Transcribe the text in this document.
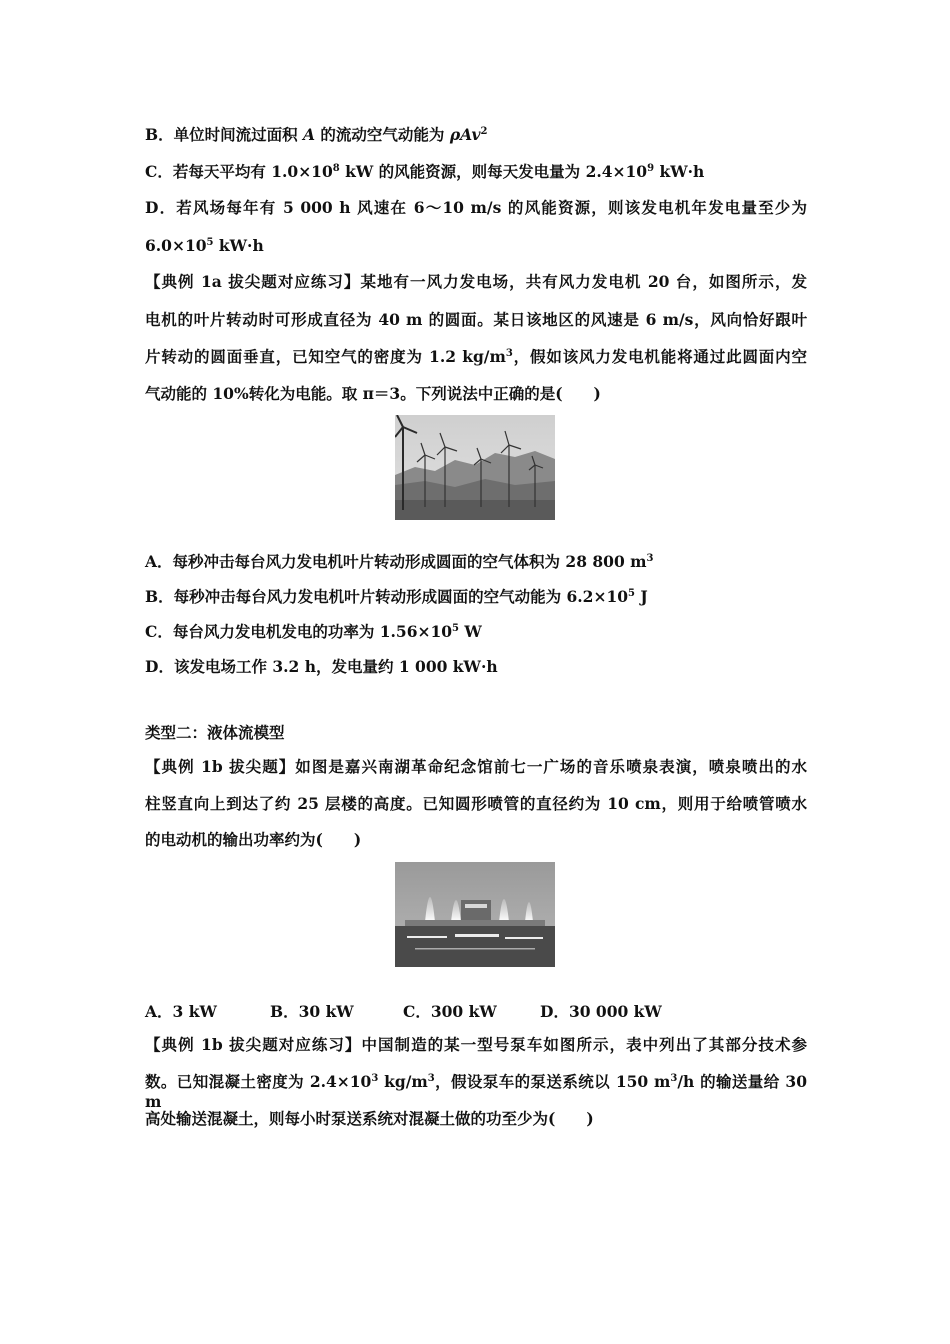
B．单位时间流过面积 A 的流动空气动能为 ρAv$^2$
C．若每天平均有 $1.0\times 10^8$ kW 的风能资源，则每天发电量为 $2.4\times 10^9$ kW·h
D．若风场每年有 5 000 h 风速在 6～10 m/s 的风能资源，则该发电机年发电量至少为
$6.0\times 10^5$ kW·h
【典例 1a 拔尖题对应练习】某地有一风力发电场，共有风力发电机 20 台，如图所示，发
电机的叶片转动时可形成直径为 40 m 的圆面。某日该地区的风速是 6 m/s，风向恰好跟叶
片转动的圆面垂直，已知空气的密度为 1.2 $kg/m^3$，假如该风力发电机能将通过此圆面内空
气动能的 10%转化为电能。取 π＝3。下列说法中正确的是(　　)
A．每秒冲击每台风力发电机叶片转动形成圆面的空气体积为 28 800 $m^3$
B．每秒冲击每台风力发电机叶片转动形成圆面的空气动能为 $6.2\times 10^5$ J
C．每台风力发电机发电的功率为 $1.56\times 10^5$ W
D．该发电场工作 3.2 h，发电量约 1 000 kW·h
类型二：液体流模型
【典例 1b 拔尖题】如图是嘉兴南湖革命纪念馆前七一广场的音乐喷泉表演，喷泉喷出的水
柱竖直向上到达了约 25 层楼的高度。已知圆形喷管的直径约为 10 cm，则用于给喷管喷水
的电动机的输出功率约为(　　)
A．3 kW	B．30 kW	C．300 kW	D．30 000 kW
【典例 1b 拔尖题对应练习】中国制造的某一型号泵车如图所示，表中列出了其部分技术参
数。已知混凝土密度为 $2.4\times 10^3$ $kg/m^3$，假设泵车的泵送系统以 150 $m^3/h$ 的输送量给 30 m
高处输送混凝土，则每小时泵送系统对混凝土做的功至少为(　　)
